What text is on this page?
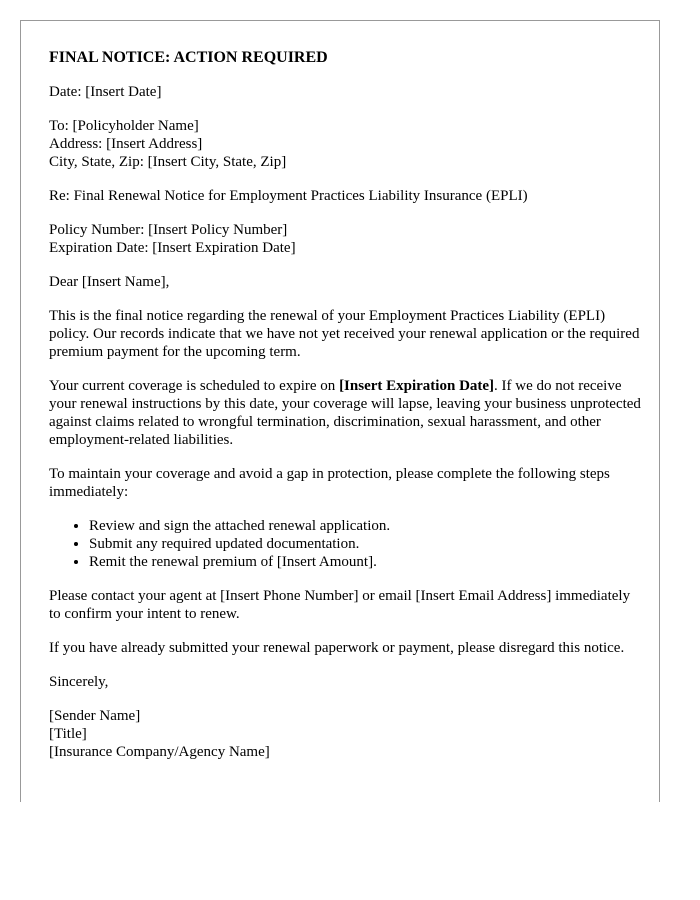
FINAL NOTICE: ACTION REQUIRED

Date: [Insert Date]

To: [Policyholder Name]
Address: [Insert Address]
City, State, Zip: [Insert City, State, Zip]

Re: Final Renewal Notice for Employment Practices Liability Insurance (EPLI)

Policy Number: [Insert Policy Number]
Expiration Date: [Insert Expiration Date]

Dear [Insert Name],

This is the final notice regarding the renewal of your Employment Practices Liability (EPLI) policy. Our records indicate that we have not yet received your renewal application or the required premium payment for the upcoming term.

Your current coverage is scheduled to expire on [Insert Expiration Date]. If we do not receive your renewal instructions by this date, your coverage will lapse, leaving your business unprotected against claims related to wrongful termination, discrimination, sexual harassment, and other employment-related liabilities.

To maintain your coverage and avoid a gap in protection, please complete the following steps immediately:

• Review and sign the attached renewal application.
• Submit any required updated documentation.
• Remit the renewal premium of [Insert Amount].

Please contact your agent at [Insert Phone Number] or email [Insert Email Address] immediately to confirm your intent to renew.

If you have already submitted your renewal paperwork or payment, please disregard this notice.

Sincerely,

[Sender Name]
[Title]
[Insurance Company/Agency Name]
